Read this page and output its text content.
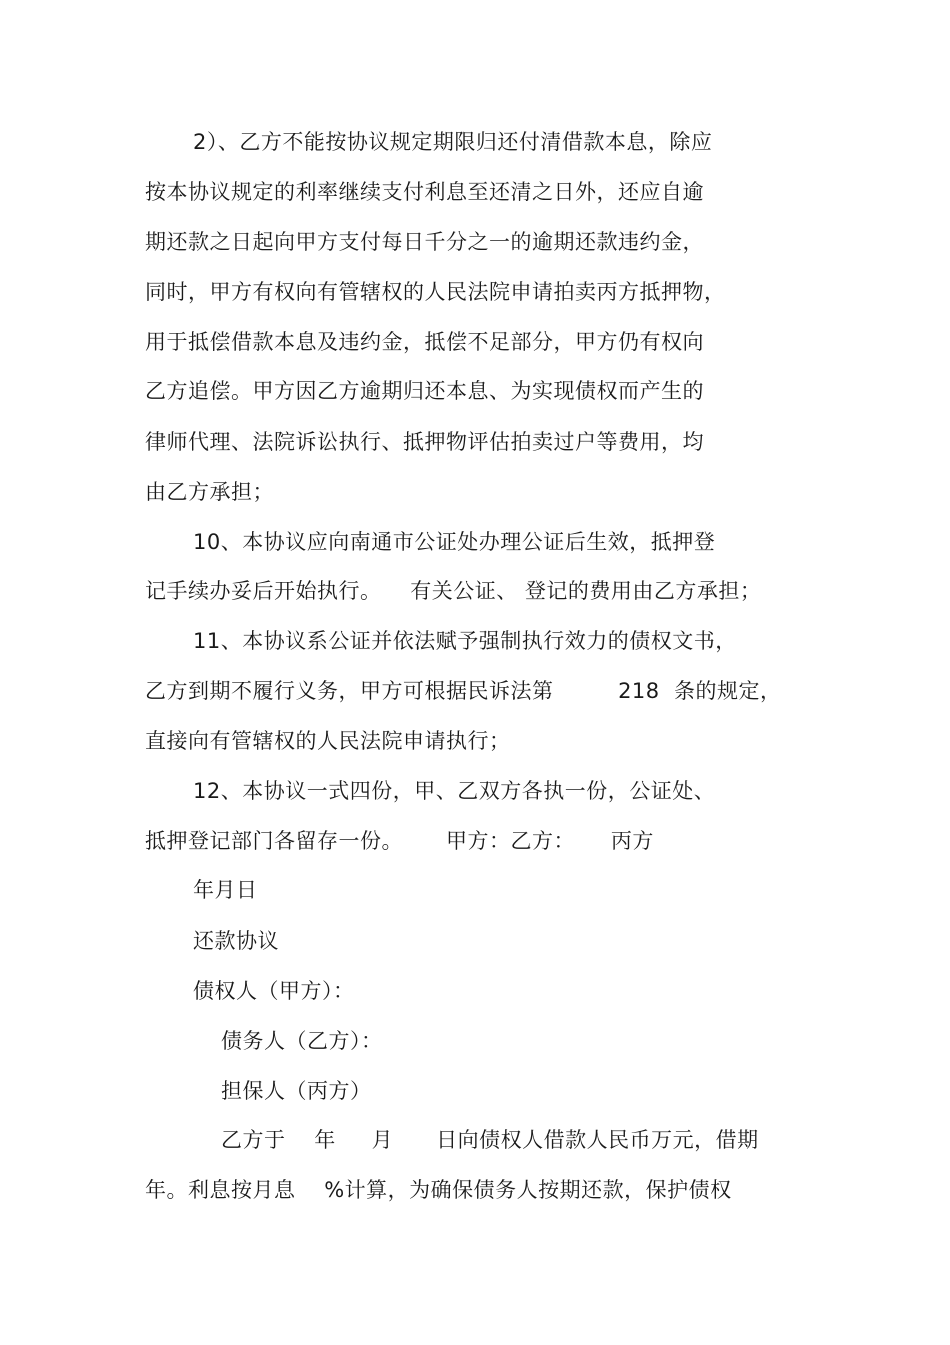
2）、乙方不能按协议规定期限归还付清借款本息，除应
按本协议规定的利率继续支付利息至还清之日外，还应自逾
期还款之日起向甲方支付每日千分之一的逾期还款违约金，
同时，甲方有权向有管辖权的人民法院申请拍卖丙方抵押物，
用于抵偿借款本息及违约金，抵偿不足部分，甲方仍有权向
乙方追偿。甲方因乙方逾期归还本息、为实现债权而产生的
律师代理、法院诉讼执行、抵押物评估拍卖过户等费用，均
由乙方承担；
10、本协议应向南通市公证处办理公证后生效，抵押登
记手续办妥后开始执行。    有关公证、 登记的费用由乙方承担；
11、本协议系公证并依法赋予强制执行效力的债权文书，
乙方到期不履行义务，甲方可根据民诉法第         218  条的规定，
直接向有管辖权的人民法院申请执行；
12、本协议一式四份，甲、乙双方各执一份，公证处、
抵押登记部门各留存一份。      甲方：乙方：     丙方
年月日
还款协议
债权人（甲方）：
债务人（乙方）：
担保人（丙方）
乙方于    年     月      日向债权人借款人民币万元，借期
年。利息按月息    %计算，为确保债务人按期还款，保护债权
